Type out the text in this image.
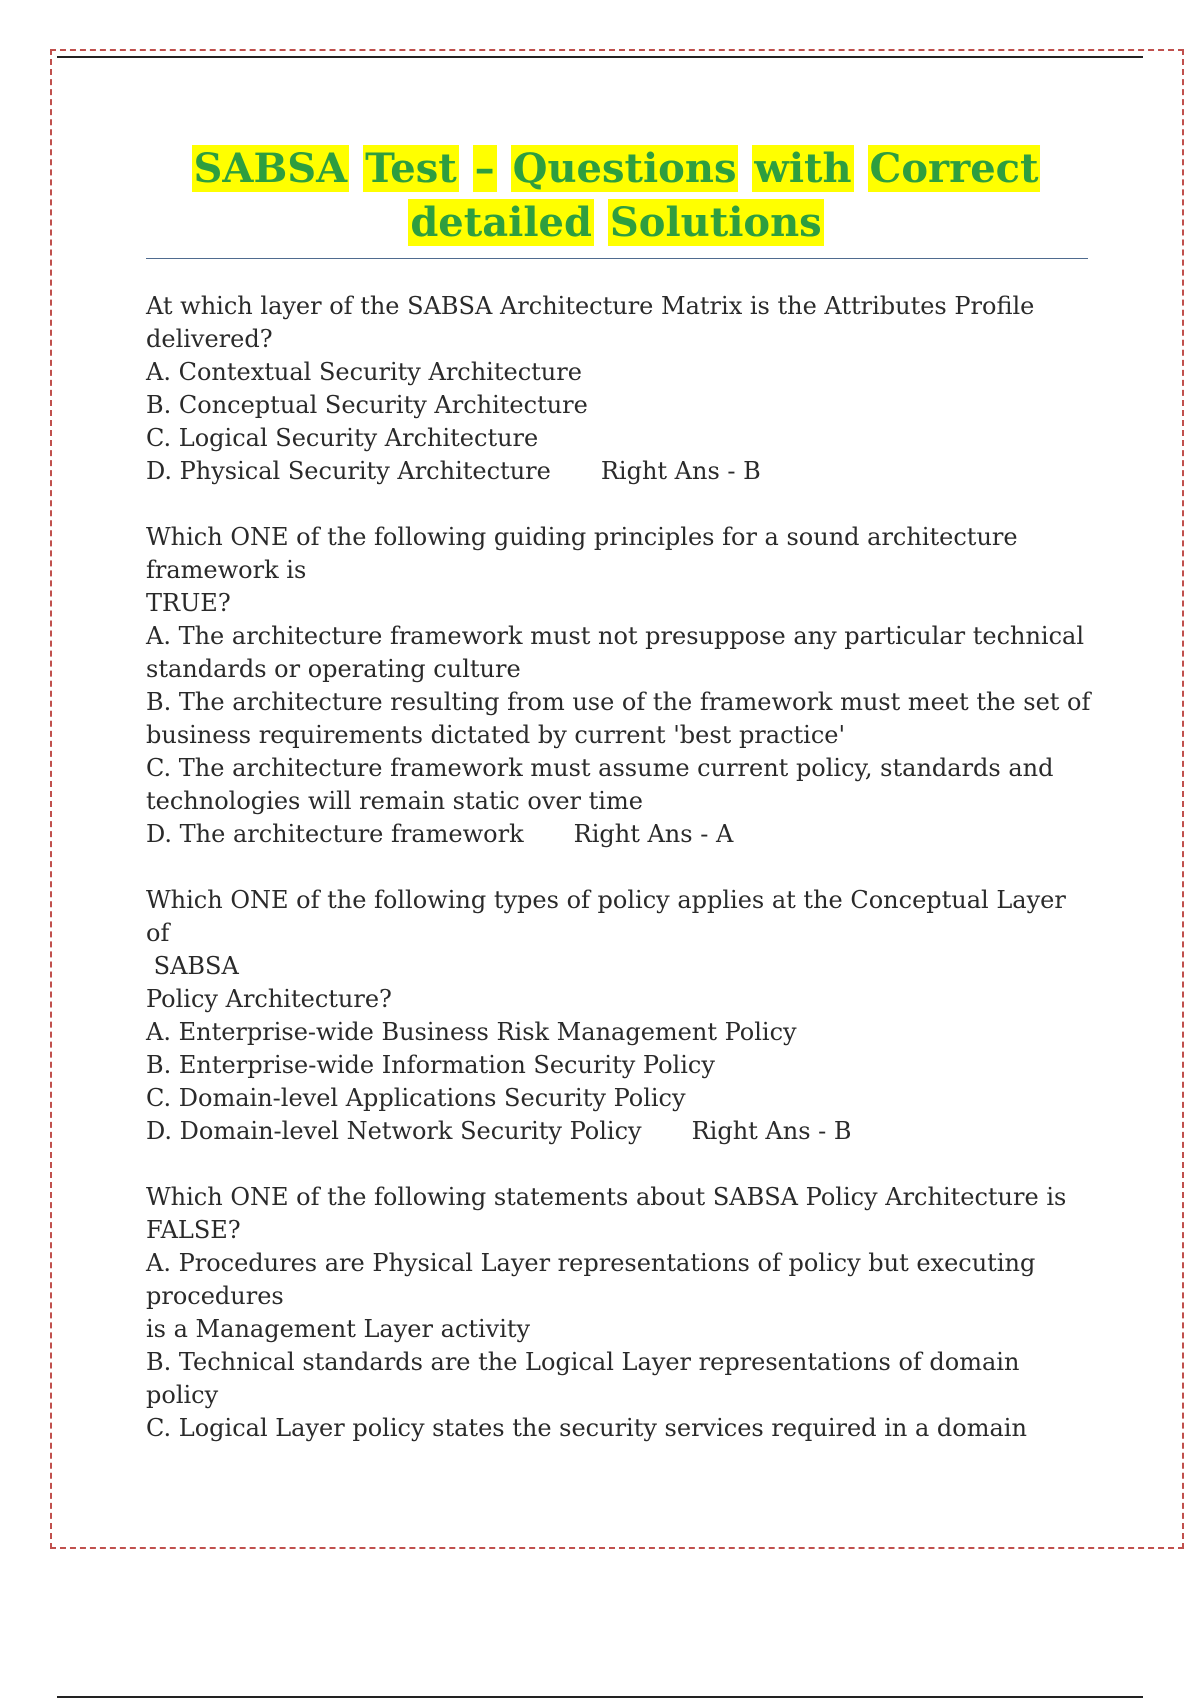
SABSA Test – Questions with Correct
detailed Solutions

At which layer of the SABSA Architecture Matrix is the Attributes Profile

delivered?

A. Contextual Security Architecture

B. Conceptual Security Architecture

C. Logical Security Architecture

D. Physical Security Architecture Right Ans - B

Which ONE of the following guiding principles for a sound architecture

framework is

TRUE?

A. The architecture framework must not presuppose any particular technical

standards or operating culture

B. The architecture resulting from use of the framework must meet the set of

business requirements dictated by current 'best practice'

C. The architecture framework must assume current policy, standards and

technologies will remain static over time

D. The architecture framework Right Ans - A

Which ONE of the following types of policy applies at the Conceptual Layer of

SABSA

Policy Architecture?

A. Enterprise-wide Business Risk Management Policy

B. Enterprise-wide Information Security Policy

C. Domain-level Applications Security Policy

D. Domain-level Network Security Policy Right Ans - B

Which ONE of the following statements about SABSA Policy Architecture is

FALSE?

A. Procedures are Physical Layer representations of policy but executing

procedures

is a Management Layer activity

B. Technical standards are the Logical Layer representations of domain

policy

C. Logical Layer policy states the security services required in a domain
